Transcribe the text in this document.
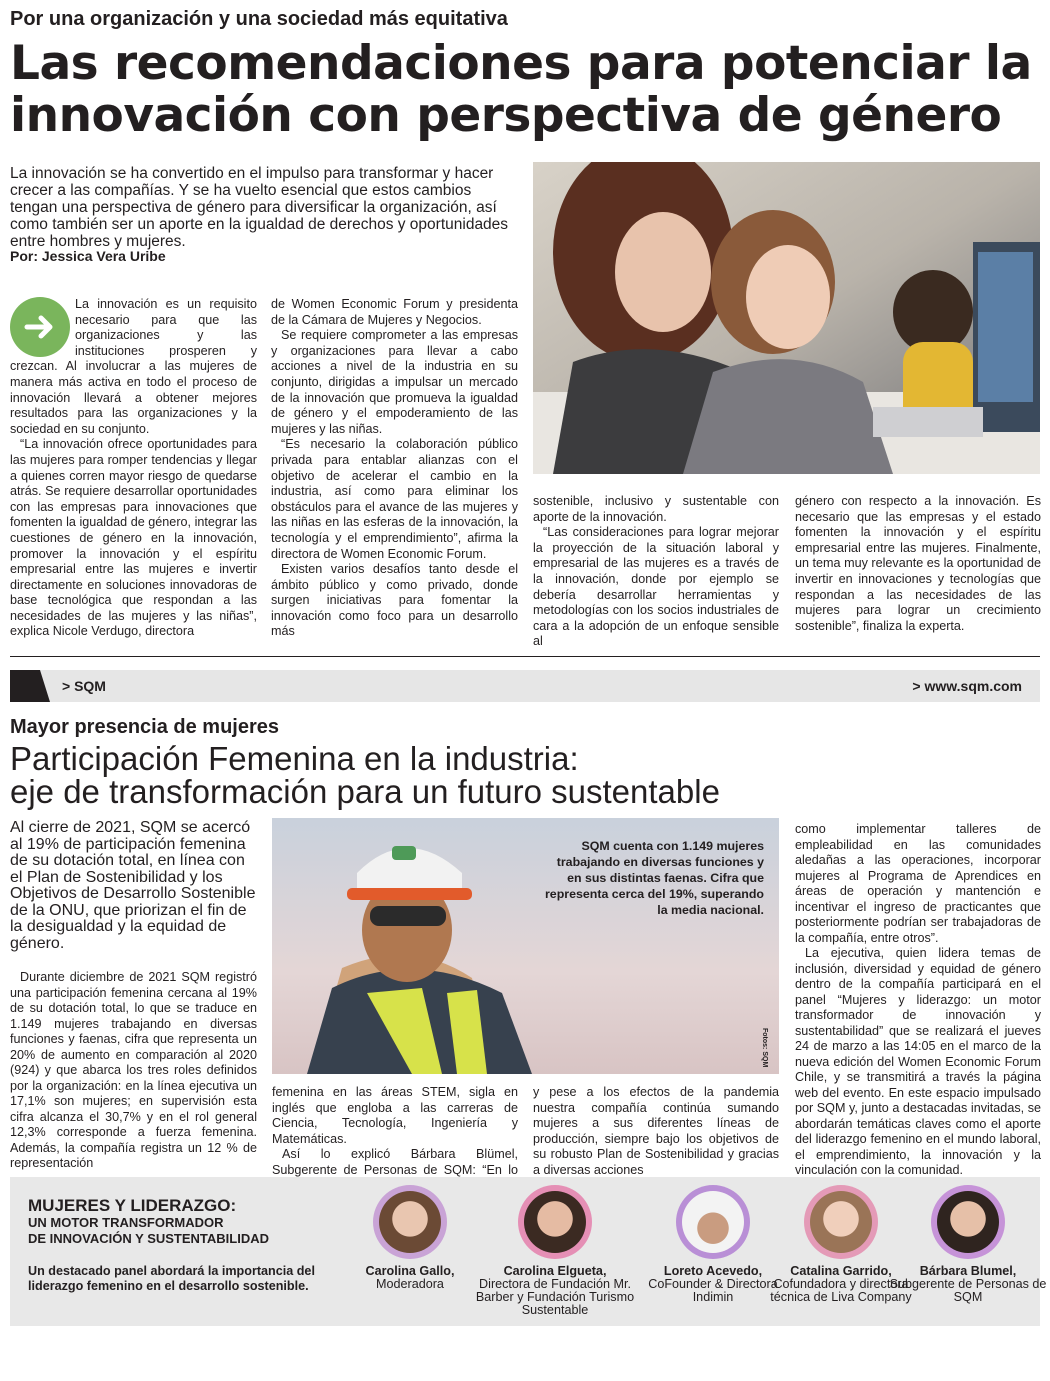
Por una organización y una sociedad más equitativa
Las recomendaciones para potenciar la innovación con perspectiva de género

La innovación se ha convertido en el impulso para transformar y hacer crecer a las compañías. Y se ha vuelto esencial que estos cambios tengan una perspectiva de género para diversificar la organización, así como también ser un aporte en la igualdad de derechos y oportunidades entre hombres y mujeres.

Por: Jessica Vera Uribe

La innovación es un requisito necesario para que las organizaciones y las instituciones prosperen y crezcan. Al involucrar a las mujeres de manera más activa en todo el proceso de innovación llevará a obtener mejores resultados para las organizaciones y la sociedad en su conjunto.

“La innovación ofrece oportunidades para las mujeres para romper tendencias y llegar a quienes corren mayor riesgo de quedarse atrás. Se requiere desarrollar oportunidades con las empresas para innovaciones que fomenten la igualdad de género, integrar las cuestiones de género en la innovación, promover la innovación y el espíritu empresarial entre las mujeres e invertir directamente en soluciones innovadoras de base tecnológica que respondan a las necesidades de las mujeres y las niñas”, explica Nicole Verdugo, directora

de Women Economic Forum y presidenta de la Cámara de Mujeres y Negocios.

Se requiere comprometer a las empresas y organizaciones para llevar a cabo acciones a nivel de la industria en su conjunto, dirigidas a impulsar un mercado de la innovación que promueva la igualdad de género y el empoderamiento de las mujeres y las niñas.

“Es necesario la colaboración público privada para entablar alianzas con el objetivo de acelerar el cambio en la industria, así como para eliminar los obstáculos para el avance de las mujeres y las niñas en las esferas de la innovación, la tecnología y el emprendimiento”, afirma la directora de Women Economic Forum.

Existen varios desafíos tanto desde el ámbito público y como privado, donde surgen iniciativas para fomentar la innovación como foco para un desarrollo más

sostenible, inclusivo y sustentable con aporte de la innovación.

“Las consideraciones para lograr mejorar la proyección de la situación laboral y empresarial de las mujeres es a través de la innovación, donde por ejemplo se debería desarrollar herramientas y metodologías con los socios industriales de cara a la adopción de un enfoque sensible al

género con respecto a la innovación. Es necesario que las empresas y el estado fomenten la innovación y el espíritu empresarial entre las mujeres. Finalmente, un tema muy relevante es la oportunidad de invertir en innovaciones y tecnologías que respondan a las necesidades de las mujeres para lograr un crecimiento sostenible”, finaliza la experta.

> SQM	> www.sqm.com
Mayor presencia de mujeres
Participación Femenina en la industria:
eje de transformación para un futuro sustentable

Al cierre de 2021, SQM se acercó al 19% de participación femenina de su dotación total, en línea con el Plan de Sostenibilidad y los Objetivos de Desarrollo Sostenible de la ONU, que priorizan el fin de la desigualdad y la equidad de género.

SQM cuenta con 1.149 mujeres trabajando en diversas funciones y en sus distintas faenas. Cifra que representa cerca del 19%, superando la media nacional.
Fotos: SQM

Durante diciembre de 2021 SQM registró una participación femenina cercana al 19% de su dotación total, lo que se traduce en 1.149 mujeres trabajando en diversas funciones y faenas, cifra que representa un 20% de aumento en comparación al 2020 (924) y que abarca los tres roles definidos por la organización: en la línea ejecutiva un 17,1% son mujeres; en supervisión esta cifra alcanza el 30,7% y en el rol general 12,3% corresponde a fuerza femenina. Además, la compañía registra un 12 % de representación

femenina en las áreas STEM, sigla en inglés que engloba a las carreras de Ciencia, Tecnología, Ingeniería y Matemáticas.

Así lo explicó Bárbara Blümel, Subgerente de Personas de SQM: “En lo

y pese a los efectos de la pandemia nuestra compañía continúa sumando mujeres a sus diferentes líneas de producción, siempre bajo los objetivos de su robusto Plan de Sostenibilidad y gracias a diversas acciones

como implementar talleres de empleabilidad en las comunidades aledañas a las operaciones, incorporar mujeres al Programa de Aprendices en áreas de operación y mantención e incentivar el ingreso de practicantes que posteriormente podrían ser trabajadoras de la compañía, entre otros”.

La ejecutiva, quien lidera temas de inclusión, diversidad y equidad de género dentro de la compañía participará en el panel “Mujeres y liderazgo: un motor transformador de innovación y sustentabilidad” que se realizará el jueves 24 de marzo a las 14:05 en el marco de la nueva edición del Women Economic Forum Chile, y se transmitirá a través la página web del evento. En este espacio impulsado por SQM y, junto a destacadas invitadas, se abordarán temáticas claves como el aporte del liderazgo femenino en el mundo laboral, el emprendimiento, la innovación y la vinculación con la comunidad.

MUJERES Y LIDERAZGO:
UN MOTOR TRANSFORMADOR
DE INNOVACIÓN Y SUSTENTABILIDAD
Un destacado panel abordará la importancia del liderazgo femenino en el desarrollo sostenible.
Carolina Gallo,
Moderadora
Carolina Elgueta,
Directora de Fundación Mr. Barber y Fundación Turismo Sustentable
Loreto Acevedo,
CoFounder & Directora Indimin
Catalina Garrido,
Cofundadora y directora técnica de Liva Company
Bárbara Blumel,
Subgerente de Personas de SQM
